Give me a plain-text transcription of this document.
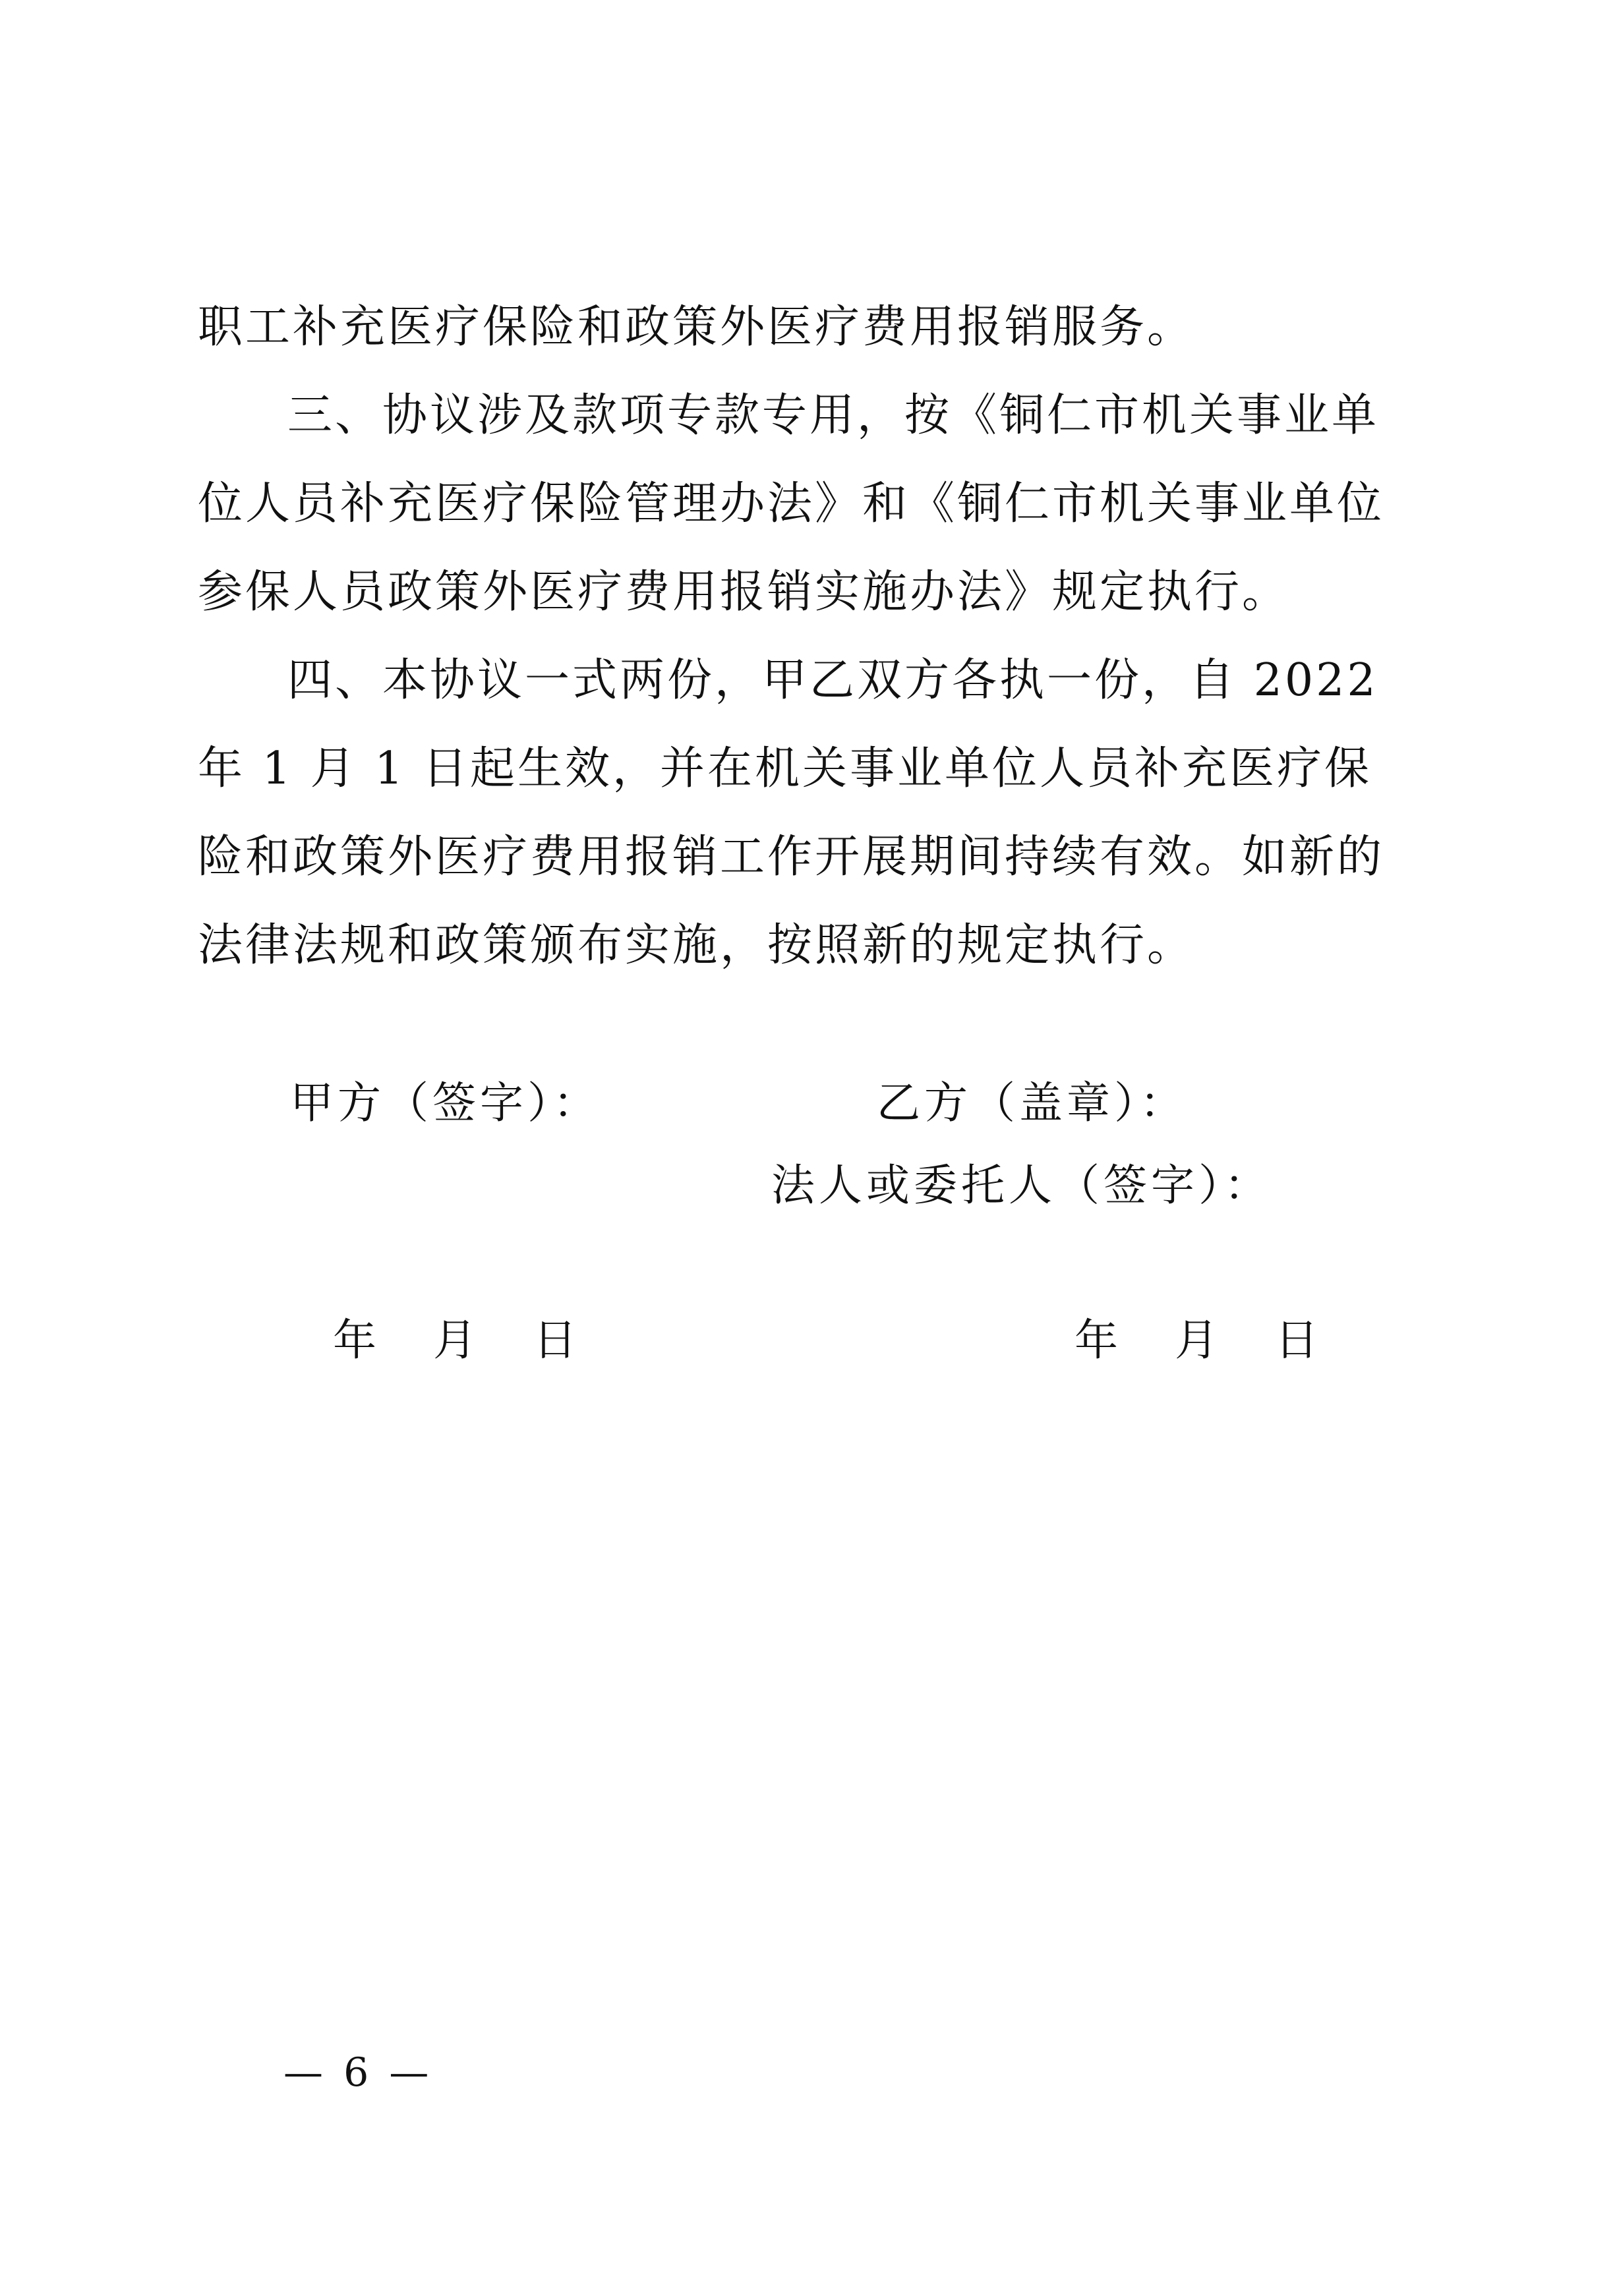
职工补充医疗保险和政策外医疗费用报销服务。

三、协议涉及款项专款专用，按《铜仁市机关事业单位人员补充医疗保险管理办法》和《铜仁市机关事业单位参保人员政策外医疗费用报销实施办法》规定执行。

四、本协议一式两份，甲乙双方各执一份，自 2022 年 1 月 1 日起生效，并在机关事业单位人员补充医疗保险和政策外医疗费用报销工作开展期间持续有效。如新的法律法规和政策颁布实施，按照新的规定执行。

甲方（签字）：	乙方（盖章）：
法人或委托人（签字）：
年 月 日	年 月 日
— 6 —
